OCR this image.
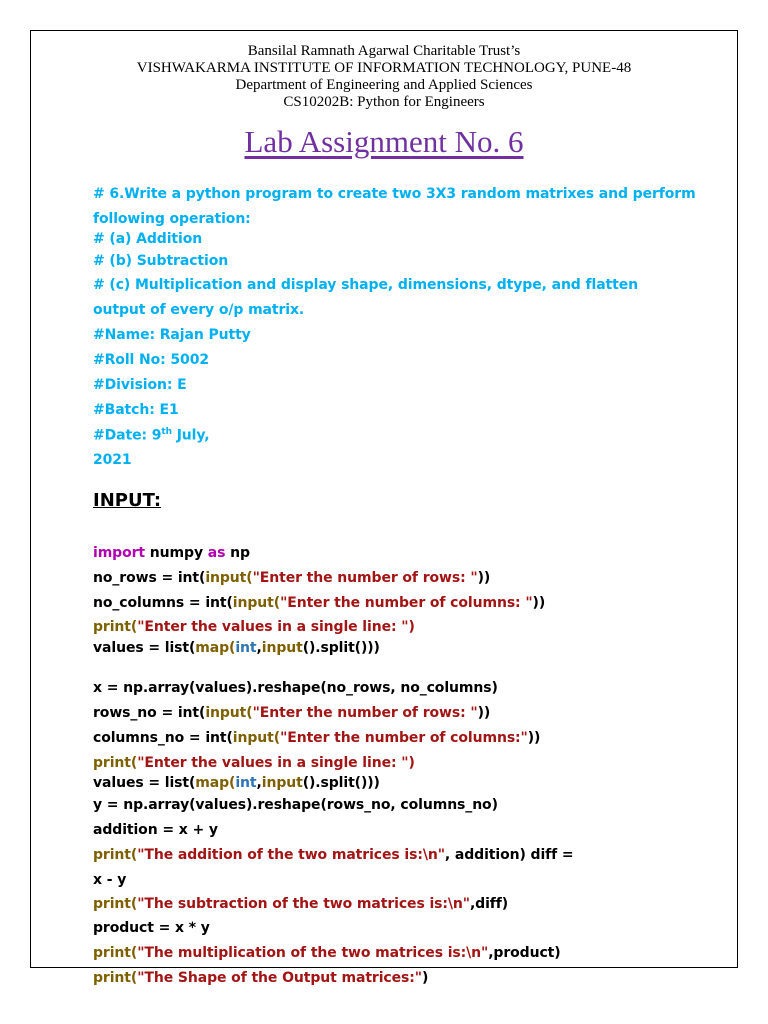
Bansilal Ramnath Agarwal Charitable Trust’s
VISHWAKARMA INSTITUTE OF INFORMATION TECHNOLOGY, PUNE-48
Department of Engineering and Applied Sciences
CS10202B: Python for Engineers
Lab Assignment No. 6
# 6.Write a python program to create two 3X3 random matrixes and perform
following operation:
# (a) Addition
# (b) Subtraction
# (c) Multiplication and display shape, dimensions, dtype, and flatten
output of every o/p matrix.
#Name: Rajan Putty
#Roll No: 5002
#Division: E
#Batch: E1
#Date: 9th July,
2021
INPUT:
import numpy as np
no_rows = int(input("Enter the number of rows: "))
no_columns = int(input("Enter the number of columns: "))
print("Enter the values in a single line: ")
values = list(map(int,input().split()))
x = np.array(values).reshape(no_rows, no_columns)
rows_no = int(input("Enter the number of rows: "))
columns_no = int(input("Enter the number of columns:"))
print("Enter the values in a single line: ")
values = list(map(int,input().split()))
y = np.array(values).reshape(rows_no, columns_no)
addition = x + y
print("The addition of the two matrices is:\n", addition) diff =
x - y
print("The subtraction of the two matrices is:\n",diff)
product = x * y
print("The multiplication of the two matrices is:\n",product)
print("The Shape of the Output matrices:")
